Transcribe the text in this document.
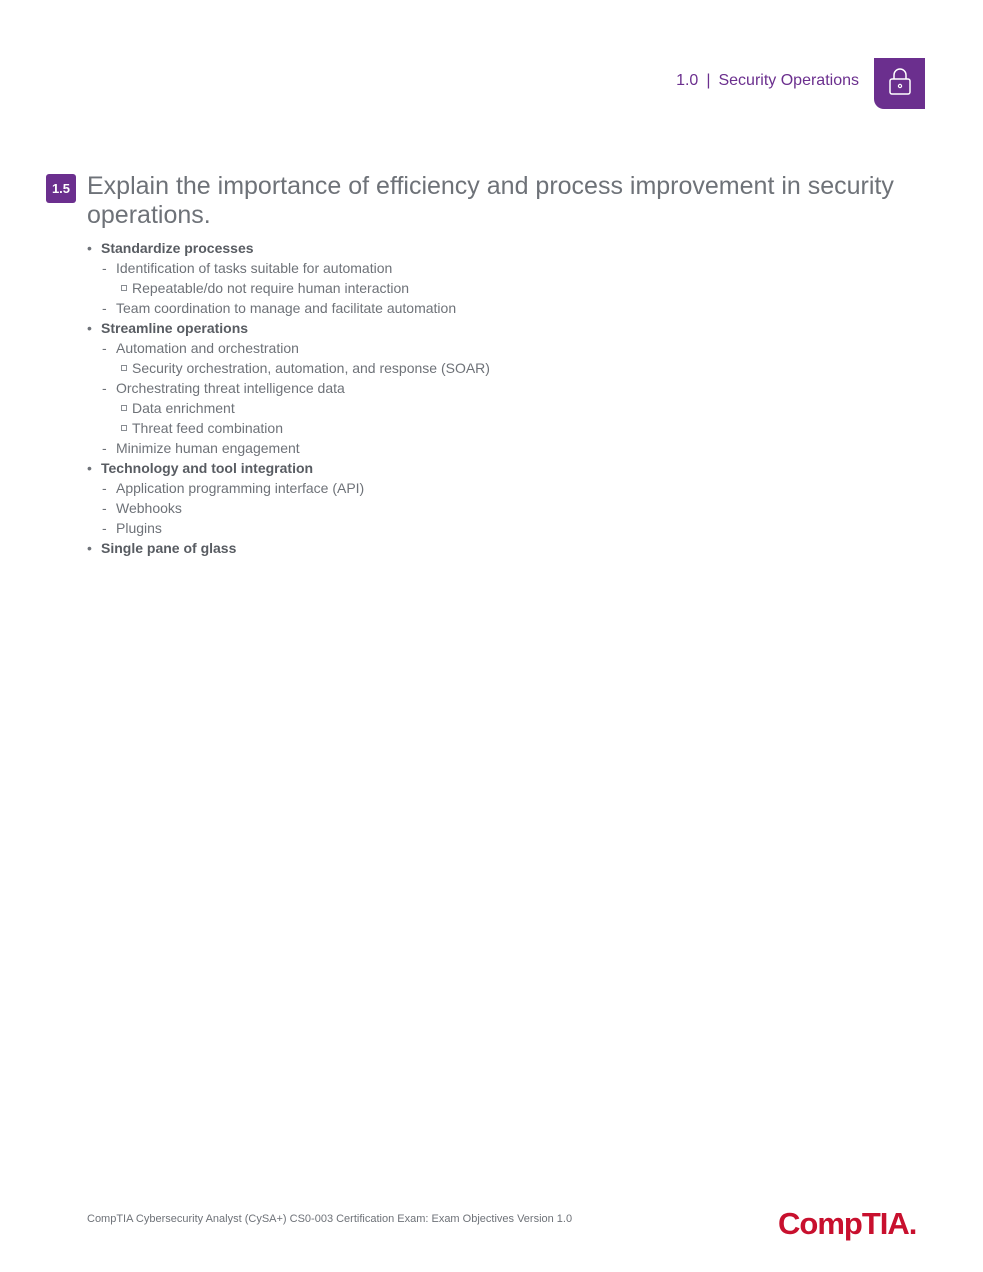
1.0 | Security Operations
1.5 Explain the importance of efficiency and process improvement in security operations.
• Standardize processes
- Identification of tasks suitable for automation
Repeatable/do not require human interaction
- Team coordination to manage and facilitate automation
• Streamline operations
- Automation and orchestration
Security orchestration, automation, and response (SOAR)
- Orchestrating threat intelligence data
Data enrichment
Threat feed combination
- Minimize human engagement
• Technology and tool integration
- Application programming interface (API)
- Webhooks
- Plugins
• Single pane of glass
CompTIA Cybersecurity Analyst (CySA+) CS0-003 Certification Exam: Exam Objectives Version 1.0	CompTIA.
